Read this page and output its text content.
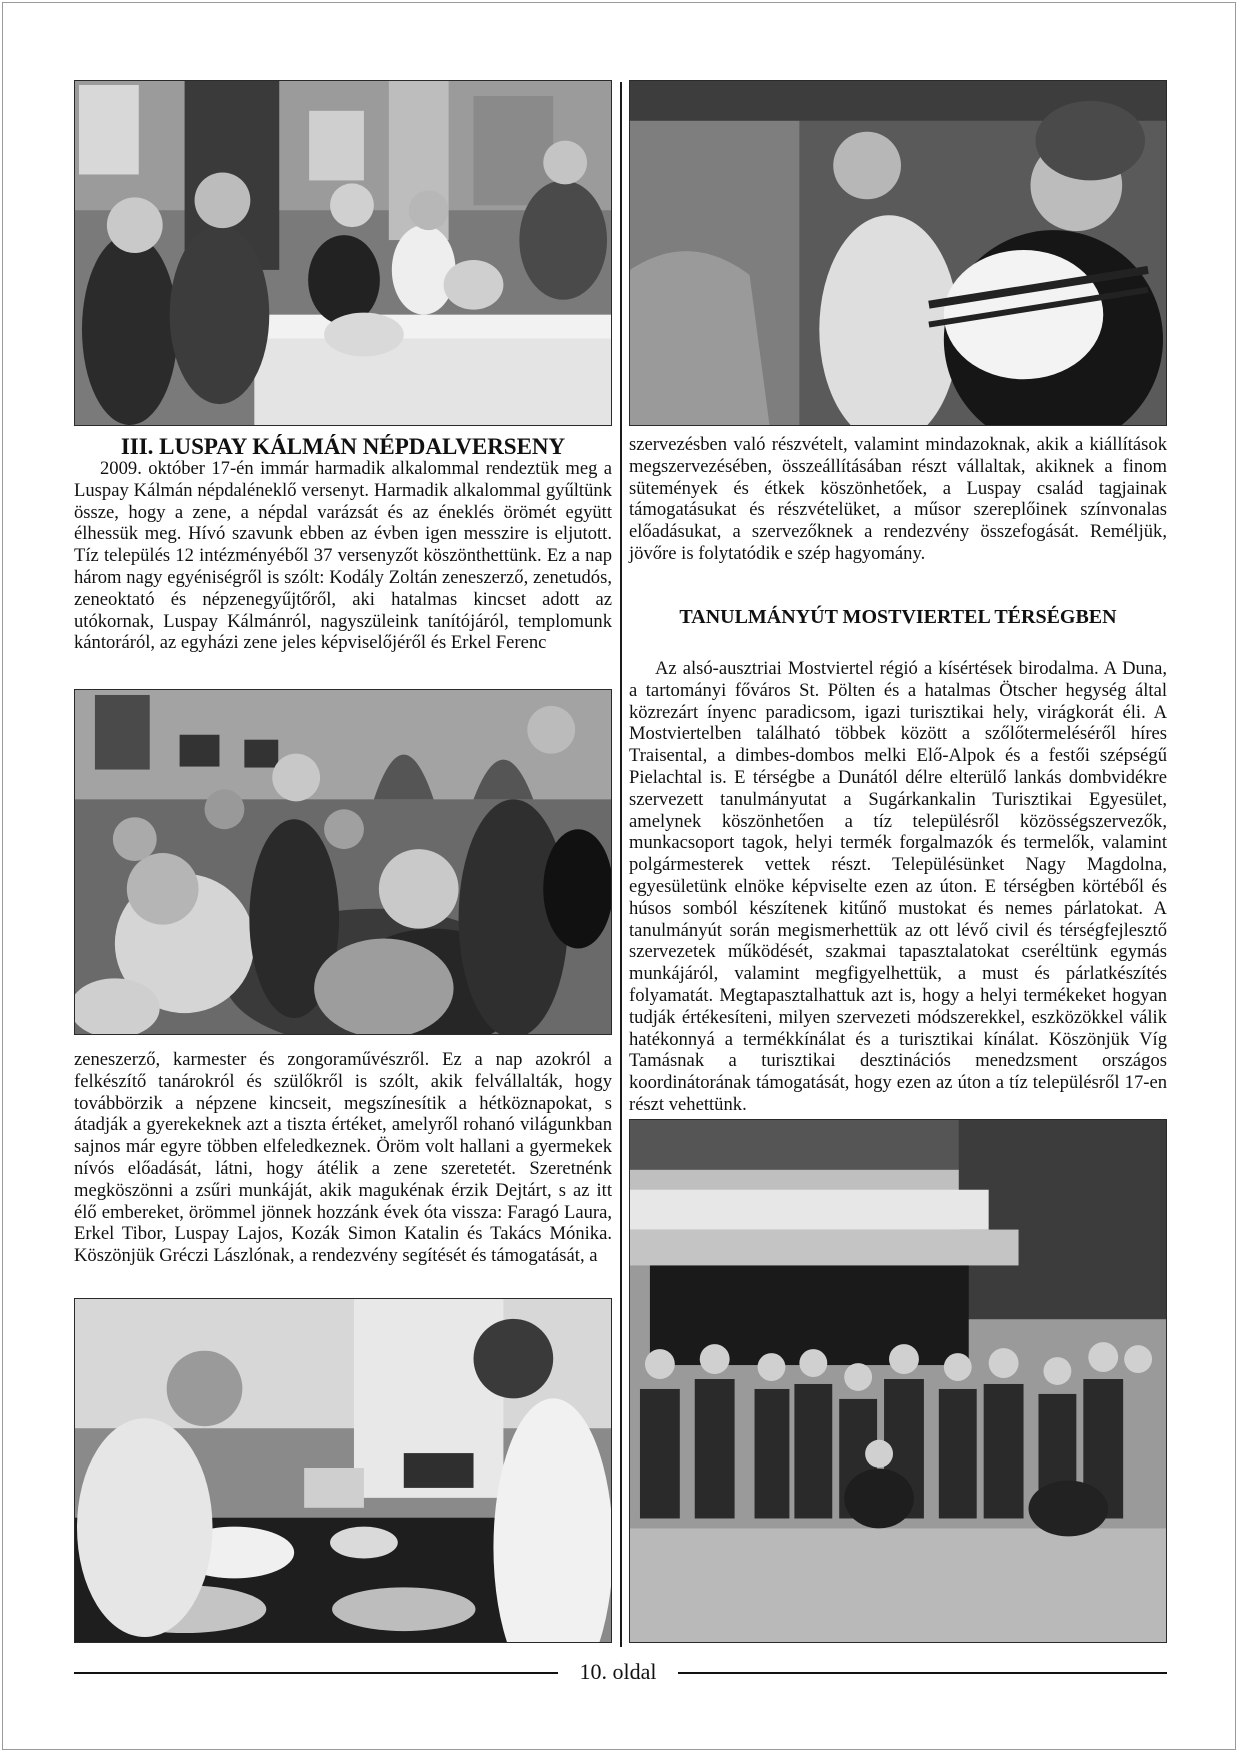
III. LUSPAY KÁLMÁN NÉPDALVERSENY

2009. október 17-én immár harmadik alkalommal rendeztük meg a Luspay Kálmán népdaléneklő versenyt. Harmadik alkalommal gyűltünk össze, hogy a zene, a népdal varázsát és az éneklés örömét együtt élhessük meg. Hívó szavunk ebben az évben igen messzire is eljutott. Tíz település 12 intézményéből 37 versenyzőt köszönthettünk. Ez a nap három nagy egyéniségről is szólt: Kodály Zoltán zeneszerző, zenetudós, zeneoktató és népzenegyűjtőről, aki hatalmas kincset adott az utókornak, Luspay Kálmánról, nagyszüleink tanítójáról, templomunk kántoráról, az egyházi zene jeles képviselőjéről és Erkel Ferenc

zeneszerző, karmester és zongoraművészről. Ez a nap azokról a felkészítő tanárokról és szülőkről is szólt, akik felvállalták, hogy továbbörzik a népzene kincseit, megszínesítik a hétköznapokat, s átadják a gyerekeknek azt a tiszta értéket, amelyről rohanó világunkban sajnos már egyre többen elfeledkeznek. Öröm volt hallani a gyermekek nívós előadását, látni, hogy átélik a zene szeretetét. Szeretnénk megköszönni a zsűri munkáját, akik magukénak érzik Dejtárt, s az itt élő embereket, örömmel jönnek hozzánk évek óta vissza: Faragó Laura, Erkel Tibor, Luspay Lajos, Kozák Simon Katalin és Takács Mónika. Köszönjük Gréczi Lászlónak, a rendezvény segítését és támogatását, a

szervezésben való részvételt, valamint mindazoknak, akik a kiállítások megszervezésében, összeállításában részt vállaltak, akiknek a finom sütemények és étkek köszönhetőek, a Luspay család tagjainak támogatásukat és részvételüket, a műsor szereplőinek színvonalas előadásukat, a szervezőknek a rendezvény összefogását. Reméljük, jövőre is folytatódik e szép hagyomány.

TANULMÁNYÚT MOSTVIERTEL TÉRSÉGBEN

Az alsó-ausztriai Mostviertel régió a kísértések birodalma. A Duna, a tartományi főváros St. Pölten és a hatalmas Ötscher hegység által közrezárt ínyenc paradicsom, igazi turisztikai hely, virágkorát éli. A Mostviertelben található többek között a szőlőtermeléséről híres Traisental, a dimbes-dombos melki Elő-Alpok és a festői szépségű Pielachtal is. E térségbe a Dunától délre elterülő lankás dombvidékre szervezett tanulmányutat a Sugárkankalin Turisztikai Egyesület, amelynek köszönhetően a tíz településről közösségszervezők, munkacsoport tagok, helyi termék forgalmazók és termelők, valamint polgármesterek vettek részt. Településünket Nagy Magdolna, egyesületünk elnöke képviselte ezen az úton. E térségben körtéből és húsos somból készítenek kitűnő mustokat és nemes párlatokat. A tanulmányút során megismerhettük az ott lévő civil és térségfejlesztő szervezetek működését, szakmai tapasztalatokat cseréltünk egymás munkájáról, valamint megfigyelhettük, a must és párlatkészítés folyamatát. Megtapasztalhattuk azt is, hogy a helyi termékeket hogyan tudják értékesíteni, milyen szervezeti módszerekkel, eszközökkel válik hatékonnyá a termékkínálat és a turisztikai kínálat. Köszönjük Víg Tamásnak a turisztikai desztinációs menedzsment országos koordinátorának támogatását, hogy ezen az úton a tíz településről 17-en részt vehettünk.

10. oldal
